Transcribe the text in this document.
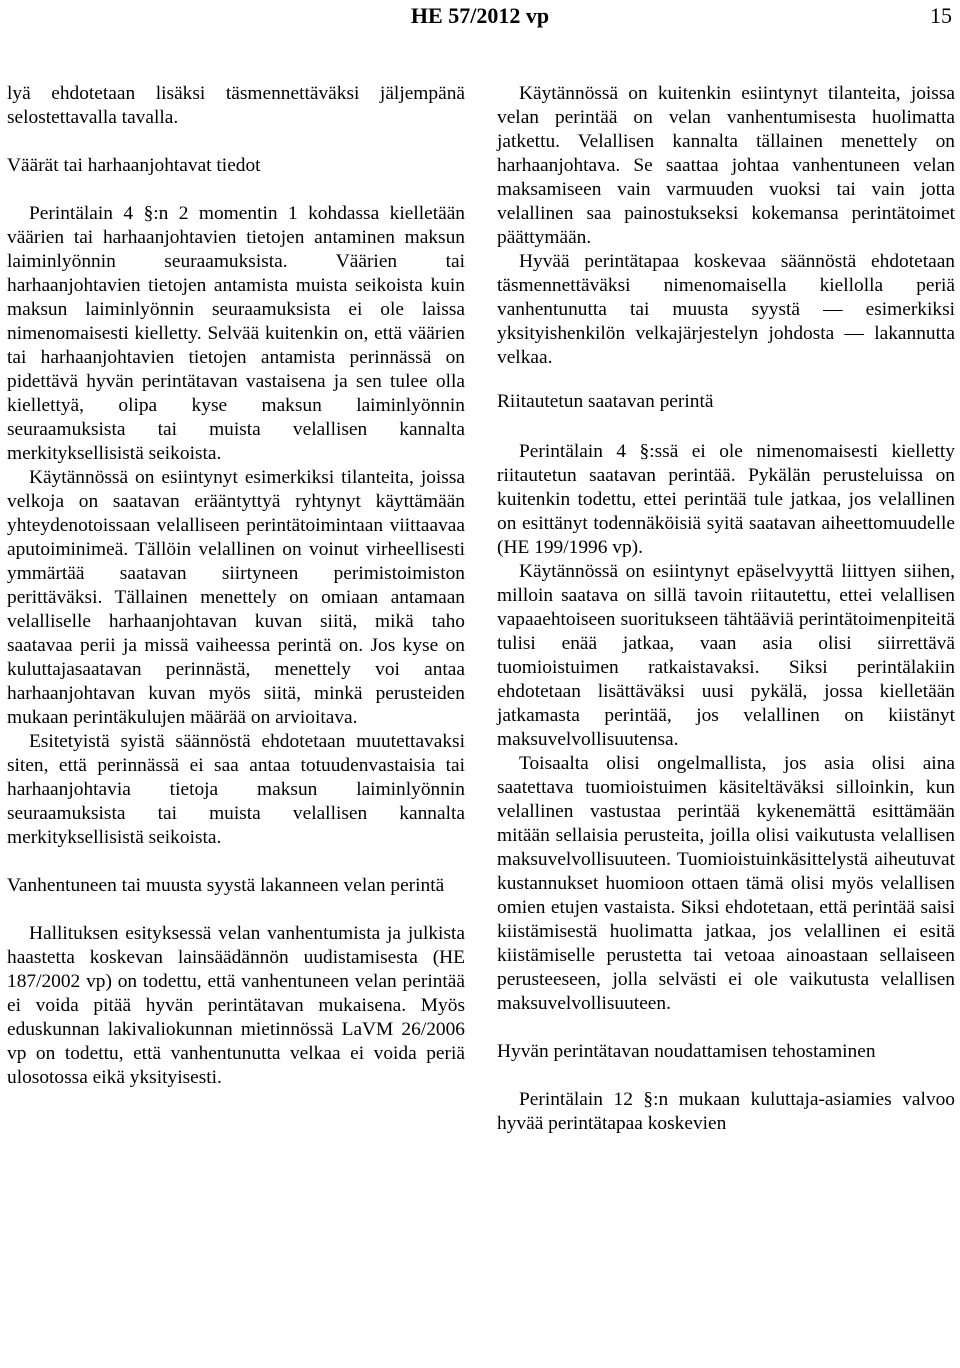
HE 57/2012 vp	15

lyä ehdotetaan lisäksi täsmennettäväksi jäljempänä selostettavalla tavalla.

Väärät tai harhaanjohtavat tiedot

Perintälain 4 §:n 2 momentin 1 kohdassa kielletään väärien tai harhaanjohtavien tietojen antaminen maksun laiminlyönnin seuraamuksista. Väärien tai harhaanjohtavien tietojen antamista muista seikoista kuin maksun laiminlyönnin seuraamuksista ei ole laissa nimenomaisesti kielletty. Selvää kuitenkin on, että väärien tai harhaanjohtavien tietojen antamista perinnässä on pidettävä hyvän perintätavan vastaisena ja sen tulee olla kiellettyä, olipa kyse maksun laiminlyönnin seuraamuksista tai muista velallisen kannalta merkityksellisistä seikoista.

Käytännössä on esiintynyt esimerkiksi tilanteita, joissa velkoja on saatavan erääntyttyä ryhtynyt käyttämään yhteydenotoissaan velalliseen perintätoimintaan viittaavaa aputoiminimeä. Tällöin velallinen on voinut virheellisesti ymmärtää saatavan siirtyneen perimistoimiston perittäväksi. Tällainen menettely on omiaan antamaan velalliselle harhaanjohtavan kuvan siitä, mikä taho saatavaa perii ja missä vaiheessa perintä on. Jos kyse on kuluttajasaatavan perinnästä, menettely voi antaa harhaanjohtavan kuvan myös siitä, minkä perusteiden mukaan perintäkulujen määrää on arvioitava.

Esitetyistä syistä säännöstä ehdotetaan muutettavaksi siten, että perinnässä ei saa antaa totuudenvastaisia tai harhaanjohtavia tietoja maksun laiminlyönnin seuraamuksista tai muista velallisen kannalta merkityksellisistä seikoista.

Vanhentuneen tai muusta syystä lakanneen velan perintä

Hallituksen esityksessä velan vanhentumista ja julkista haastetta koskevan lainsäädännön uudistamisesta (HE 187/2002 vp) on todettu, että vanhentuneen velan perintää ei voida pitää hyvän perintätavan mukaisena. Myös eduskunnan lakivaliokunnan mietinnössä LaVM 26/2006 vp on todettu, että vanhentunutta velkaa ei voida periä ulosotossa eikä yksityisesti.

Käytännössä on kuitenkin esiintynyt tilanteita, joissa velan perintää on velan vanhentumisesta huolimatta jatkettu. Velallisen kannalta tällainen menettely on harhaanjohtava. Se saattaa johtaa vanhentuneen velan maksamiseen vain varmuuden vuoksi tai vain jotta velallinen saa painostukseksi kokemansa perintätoimet päättymään.

Hyvää perintätapaa koskevaa säännöstä ehdotetaan täsmennettäväksi nimenomaisella kiellolla periä vanhentunutta tai muusta syystä — esimerkiksi yksityishenkilön velkajärjestelyn johdosta — lakannutta velkaa.

Riitautetun saatavan perintä

Perintälain 4 §:ssä ei ole nimenomaisesti kielletty riitautetun saatavan perintää. Pykälän perusteluissa on kuitenkin todettu, ettei perintää tule jatkaa, jos velallinen on esittänyt todennäköisiä syitä saatavan aiheettomuudelle (HE 199/1996 vp).

Käytännössä on esiintynyt epäselvyyttä liittyen siihen, milloin saatava on sillä tavoin riitautettu, ettei velallisen vapaaehtoiseen suoritukseen tähtääviä perintätoimenpiteitä tulisi enää jatkaa, vaan asia olisi siirrettävä tuomioistuimen ratkaistavaksi. Siksi perintälakiin ehdotetaan lisättäväksi uusi pykälä, jossa kielletään jatkamasta perintää, jos velallinen on kiistänyt maksuvelvollisuutensa.

Toisaalta olisi ongelmallista, jos asia olisi aina saatettava tuomioistuimen käsiteltäväksi silloinkin, kun velallinen vastustaa perintää kykenemättä esittämään mitään sellaisia perusteita, joilla olisi vaikutusta velallisen maksuvelvollisuuteen. Tuomioistuinkäsittelystä aiheutuvat kustannukset huomioon ottaen tämä olisi myös velallisen omien etujen vastaista. Siksi ehdotetaan, että perintää saisi kiistämisestä huolimatta jatkaa, jos velallinen ei esitä kiistämiselle perustetta tai vetoaa ainoastaan sellaiseen perusteeseen, jolla selvästi ei ole vaikutusta velallisen maksuvelvollisuuteen.

Hyvän perintätavan noudattamisen tehostaminen

Perintälain 12 §:n mukaan kuluttaja-asiamies valvoo hyvää perintätapaa koskevien
